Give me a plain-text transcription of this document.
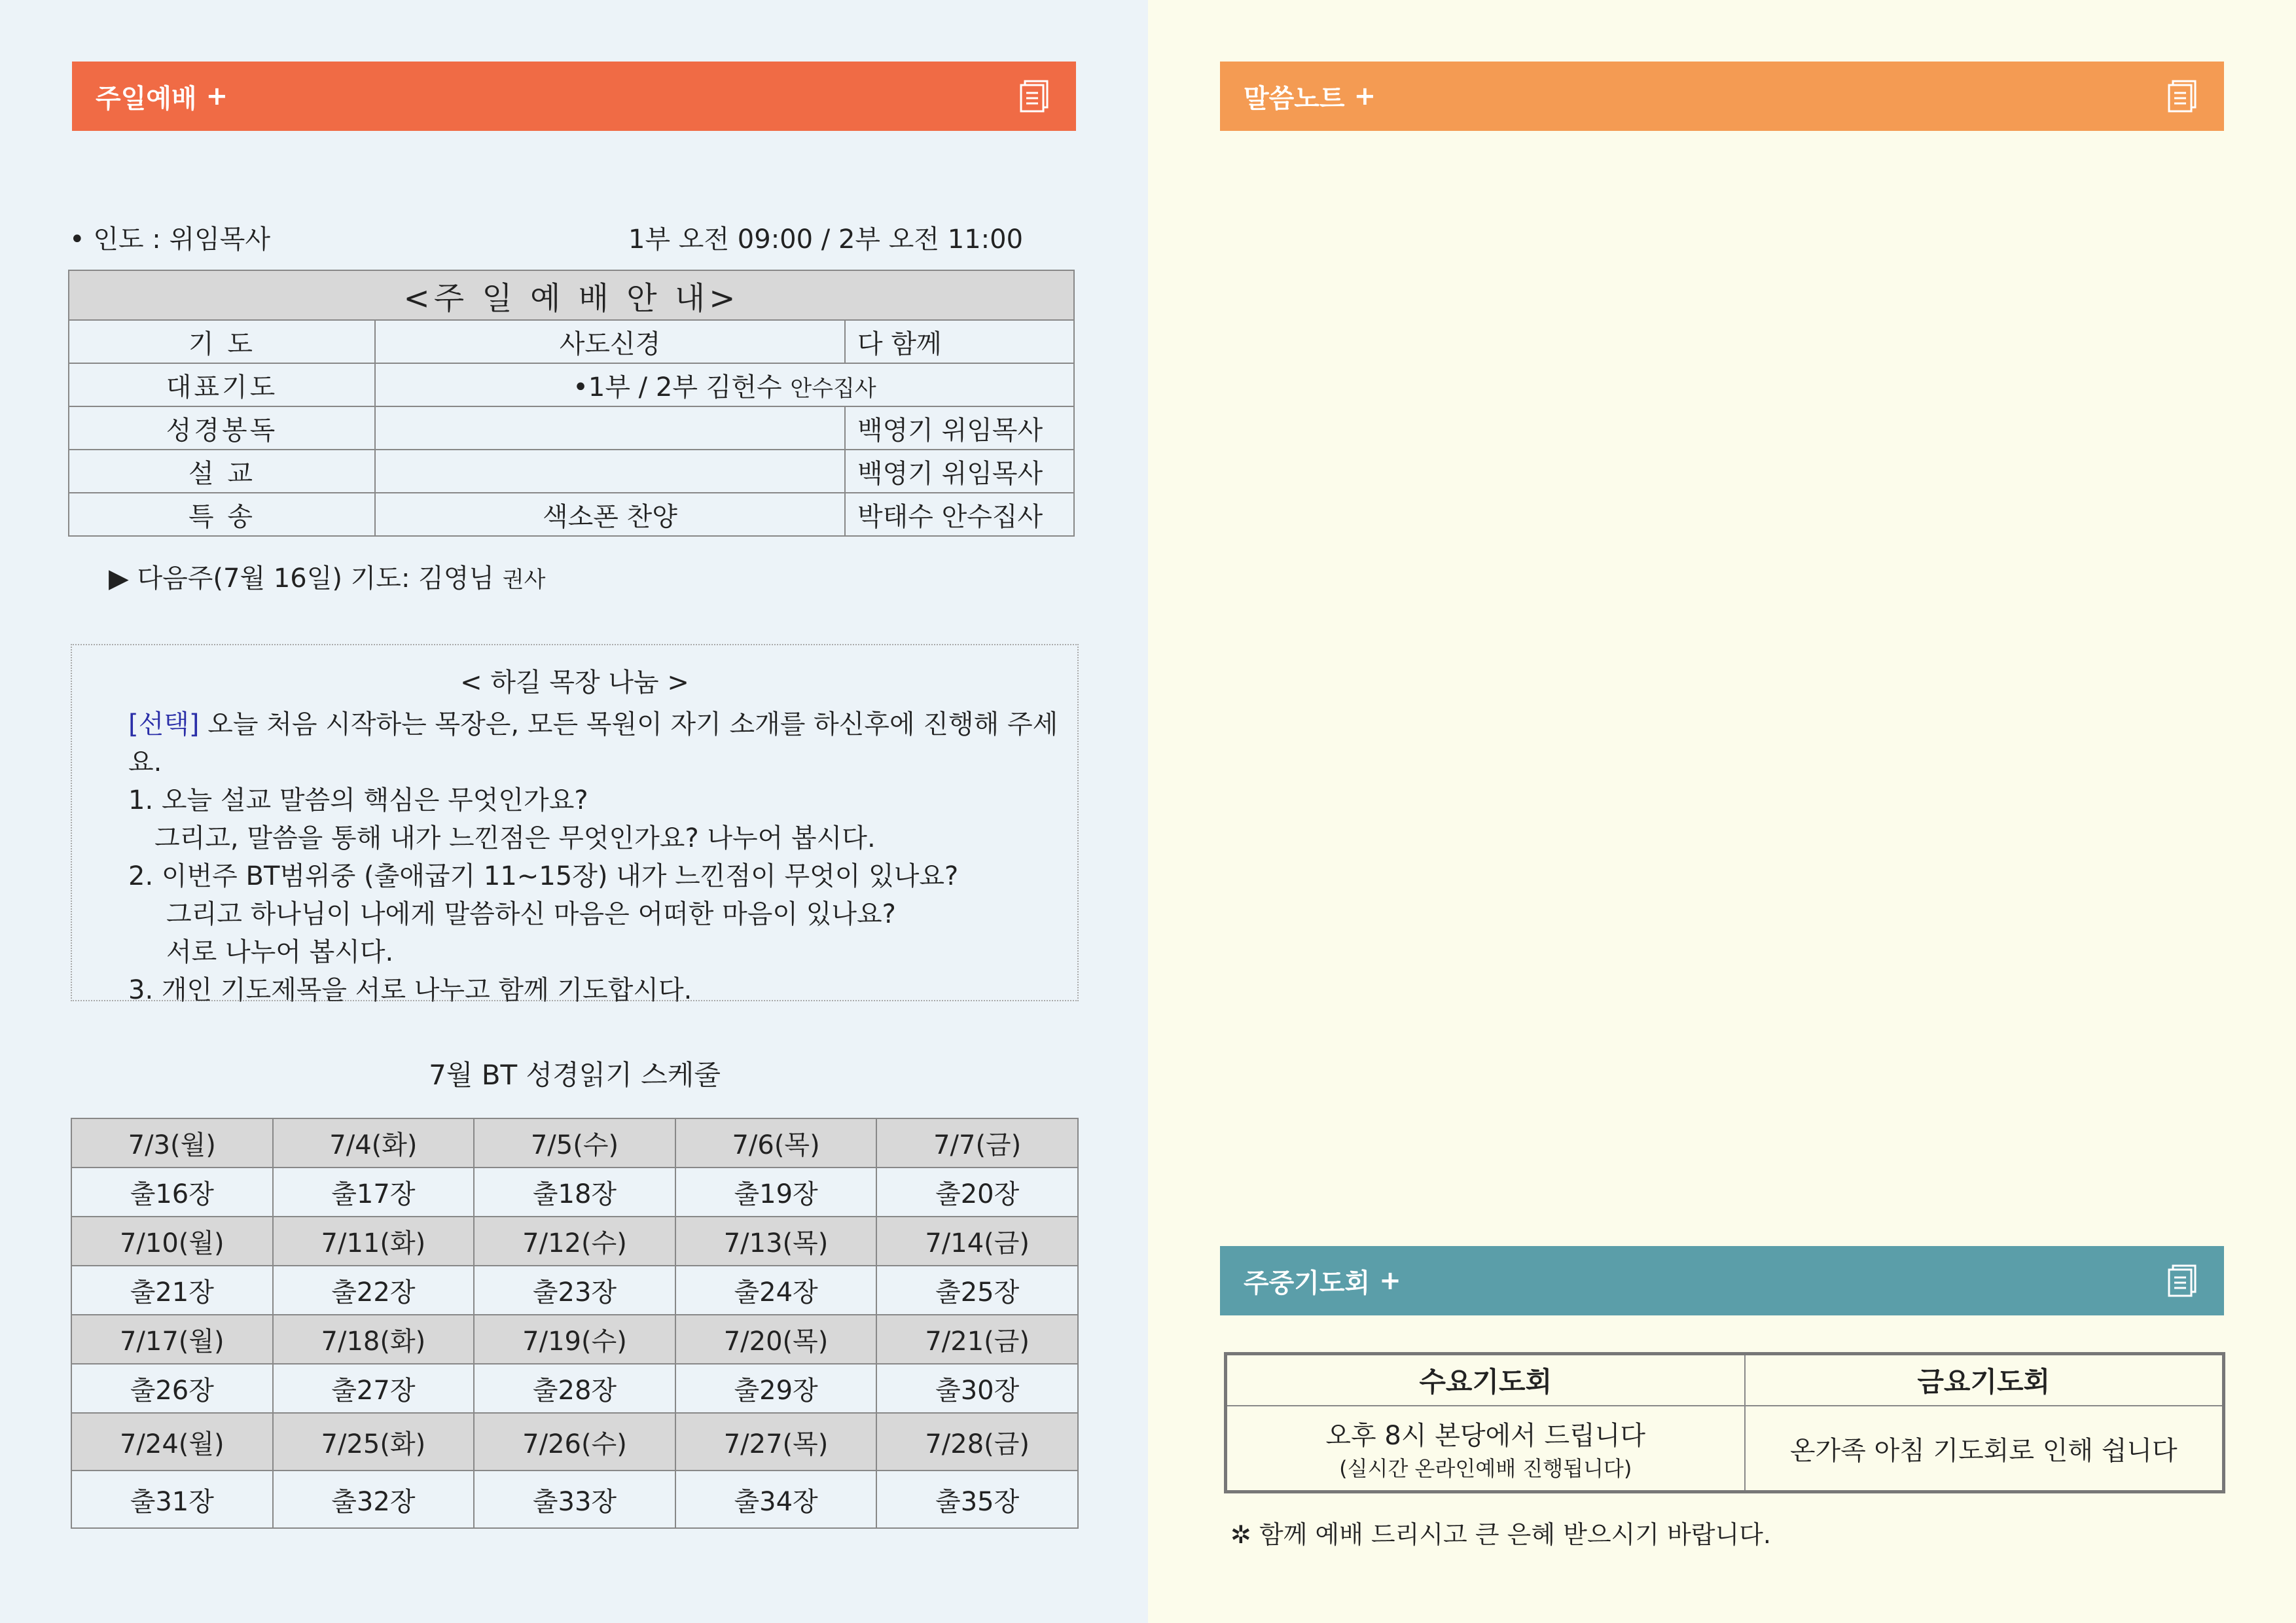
주일예배 +
• 인도 : 위임목사	1부 오전 09:00 / 2부 오전 11:00
<주 일 예 배 안 내>		
기 도	사도신경	다 함께
대표기도	•1부 / 2부 김헌수 안수집사	
성경봉독		백영기 위임목사
설 교		백영기 위임목사
특 송	색소폰 찬양	박태수 안수집사
▶ 다음주(7월 16일) 기도: 김영님 권사
< 하길 목장 나눔 >
[선택] 오늘 처음 시작하는 목장은, 모든 목원이 자기 소개를 하신후에 진행해 주세요.
1. 오늘 설교 말씀의 핵심은 무엇인가요?
그리고, 말씀을 통해 내가 느낀점은 무엇인가요? 나누어 봅시다.
2. 이번주 BT범위중 (출애굽기 11~15장) 내가 느낀점이 무엇이 있나요?
그리고 하나님이 나에게 말씀하신 마음은 어떠한 마음이 있나요?
서로 나누어 봅시다.
3. 개인 기도제목을 서로 나누고 함께 기도합시다.
7월 BT 성경읽기 스케줄
7/3(월)	7/4(화)	7/5(수)	7/6(목)	7/7(금)
출16장	출17장	출18장	출19장	출20장
7/10(월)	7/11(화)	7/12(수)	7/13(목)	7/14(금)
출21장	출22장	출23장	출24장	출25장
7/17(월)	7/18(화)	7/19(수)	7/20(목)	7/21(금)
출26장	출27장	출28장	출29장	출30장
7/24(월)	7/25(화)	7/26(수)	7/27(목)	7/28(금)
출31장	출32장	출33장	출34장	출35장
말씀노트 +
주중기도회 +
수요기도회	금요기도회

오후 8시 본당에서 드립니다
(실시간 온라인예배 진행됩니다)	온가족 아침 기도회로 인해 쉽니다
✲ 함께 예배 드리시고 큰 은혜 받으시기 바랍니다.
